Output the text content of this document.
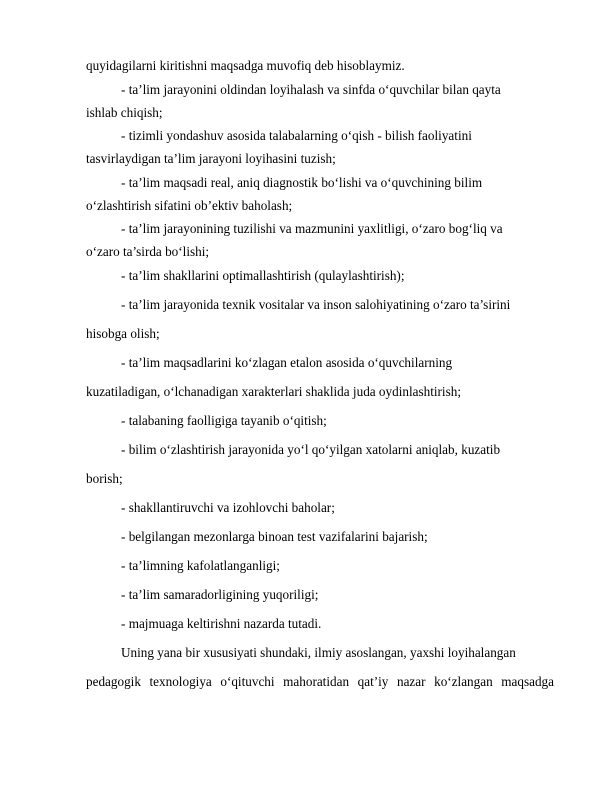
quyidagilarni kiritishni maqsadga muvofiq deb hisoblaymiz.
- ta’lim jarayonini oldindan loyihalash va sinfda o‘quvchilar bilan qayta
ishlab chiqish;
- tizimli yondashuv asosida talabalarning o‘qish - bilish faoliyatini
tasvirlaydigan ta’lim jarayoni loyihasini tuzish;
- ta’lim maqsadi real, aniq diagnostik bo‘lishi va o‘quvchining bilim
o‘zlashtirish sifatini ob’ektiv baholash;
- ta’lim jarayonining tuzilishi va mazmunini yaxlitligi, o‘zaro bog‘liq va
o‘zaro ta’sirda bo‘lishi;
- ta’lim shakllarini optimallashtirish (qulaylashtirish);
- ta’lim jarayonida texnik vositalar va inson salohiyatining o‘zaro ta’sirini
hisobga olish;
- ta’lim maqsadlarini ko‘zlagan etalon asosida o‘quvchilarning
kuzatiladigan, o‘lchanadigan xarakterlari shaklida juda oydinlashtirish;
- talabaning faolligiga tayanib o‘qitish;
- bilim o‘zlashtirish jarayonida yo‘l qo‘yilgan xatolarni aniqlab, kuzatib
borish;
- shakllantiruvchi va izohlovchi baholar;
- belgilangan mezonlarga binoan test vazifalarini bajarish;
- ta’limning kafolatlanganligi;
- ta’lim samaradorligining yuqoriligi;
- majmuaga keltirishni nazarda tutadi.
Uning yana bir xususiyati shundaki, ilmiy asoslangan, yaxshi loyihalangan
pedagogik texnologiya o‘qituvchi mahoratidan qat’iy nazar ko‘zlangan maqsadga
